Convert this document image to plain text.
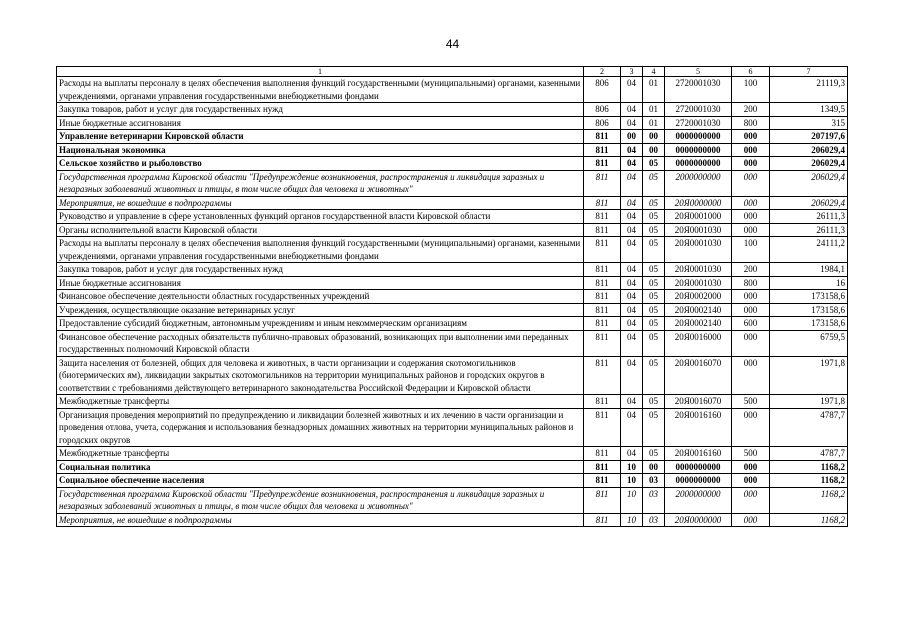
44
1	2	3	4	5	6	7
Расходы на выплаты персоналу в целях обеспечения выполнения функций государственными (муниципальными) органами, казенными учреждениями, органами управления государственными внебюджетными фондами	806	04	01	2720001030	100	21119,3
Закупка товаров, работ и услуг для государственных нужд	806	04	01	2720001030	200	1349,5
Иные бюджетные ассигнования	806	04	01	2720001030	800	315
Управление ветеринарии Кировской области	811	00	00	0000000000	000	207197,6
Национальная экономика	811	04	00	0000000000	000	206029,4
Сельское хозяйство и рыболовство	811	04	05	0000000000	000	206029,4
Государственная программа Кировской области "Предупреждение возникновения, распространения и ликвидация заразных и незаразных заболеваний животных и птицы, в том числе общих для человека и животных"	811	04	05	2000000000	000	206029,4
Мероприятия, не вошедшие в подпрограммы	811	04	05	20Я0000000	000	206029,4
Руководство и управление в сфере установленных функций органов государственной власти Кировской области	811	04	05	20Я0001000	000	26111,3
Органы исполнительной власти Кировской области	811	04	05	20Я0001030	000	26111,3
Расходы на выплаты персоналу в целях обеспечения выполнения функций государственными (муниципальными) органами, казенными учреждениями, органами управления государственными внебюджетными фондами	811	04	05	20Я0001030	100	24111,2
Закупка товаров, работ и услуг для государственных нужд	811	04	05	20Я0001030	200	1984,1
Иные бюджетные ассигнования	811	04	05	20Я0001030	800	16
Финансовое обеспечение деятельности областных государственных учреждений	811	04	05	20Я0002000	000	173158,6
Учреждения, осуществляющие оказание ветеринарных услуг	811	04	05	20Я0002140	000	173158,6
Предоставление субсидий бюджетным, автономным учреждениям и иным некоммерческим организациям	811	04	05	20Я0002140	600	173158,6
Финансовое обеспечение расходных обязательств публично-правовых образований, возникающих при выполнении ими переданных государственных полномочий Кировской области	811	04	05	20Я0016000	000	6759,5
Защита населения от болезней, общих для человека и животных, в части организации и содержания скотомогильников (биотермических ям), ликвидации закрытых скотомогильников на территории муниципальных районов и городских округов в соответствии с требованиями действующего ветеринарного законодательства Российской Федерации и Кировской области	811	04	05	20Я0016070	000	1971,8
Межбюджетные трансферты	811	04	05	20Я0016070	500	1971,8
Организация проведения мероприятий по предупреждению и ликвидации болезней животных и их лечению в части организации и проведения отлова, учета, содержания и использования безнадзорных домашних животных на территории муниципальных районов и городских округов	811	04	05	20Я0016160	000	4787,7
Межбюджетные трансферты	811	04	05	20Я0016160	500	4787,7
Социальная политика	811	10	00	0000000000	000	1168,2
Социальное обеспечение населения	811	10	03	0000000000	000	1168,2
Государственная программа Кировской области "Предупреждение возникновения, распространения и ликвидация заразных и незаразных заболеваний животных и птицы, в том числе общих для человека и животных"	811	10	03	2000000000	000	1168,2
Мероприятия, не вошедшие в подпрограммы	811	10	03	20Я0000000	000	1168,2
